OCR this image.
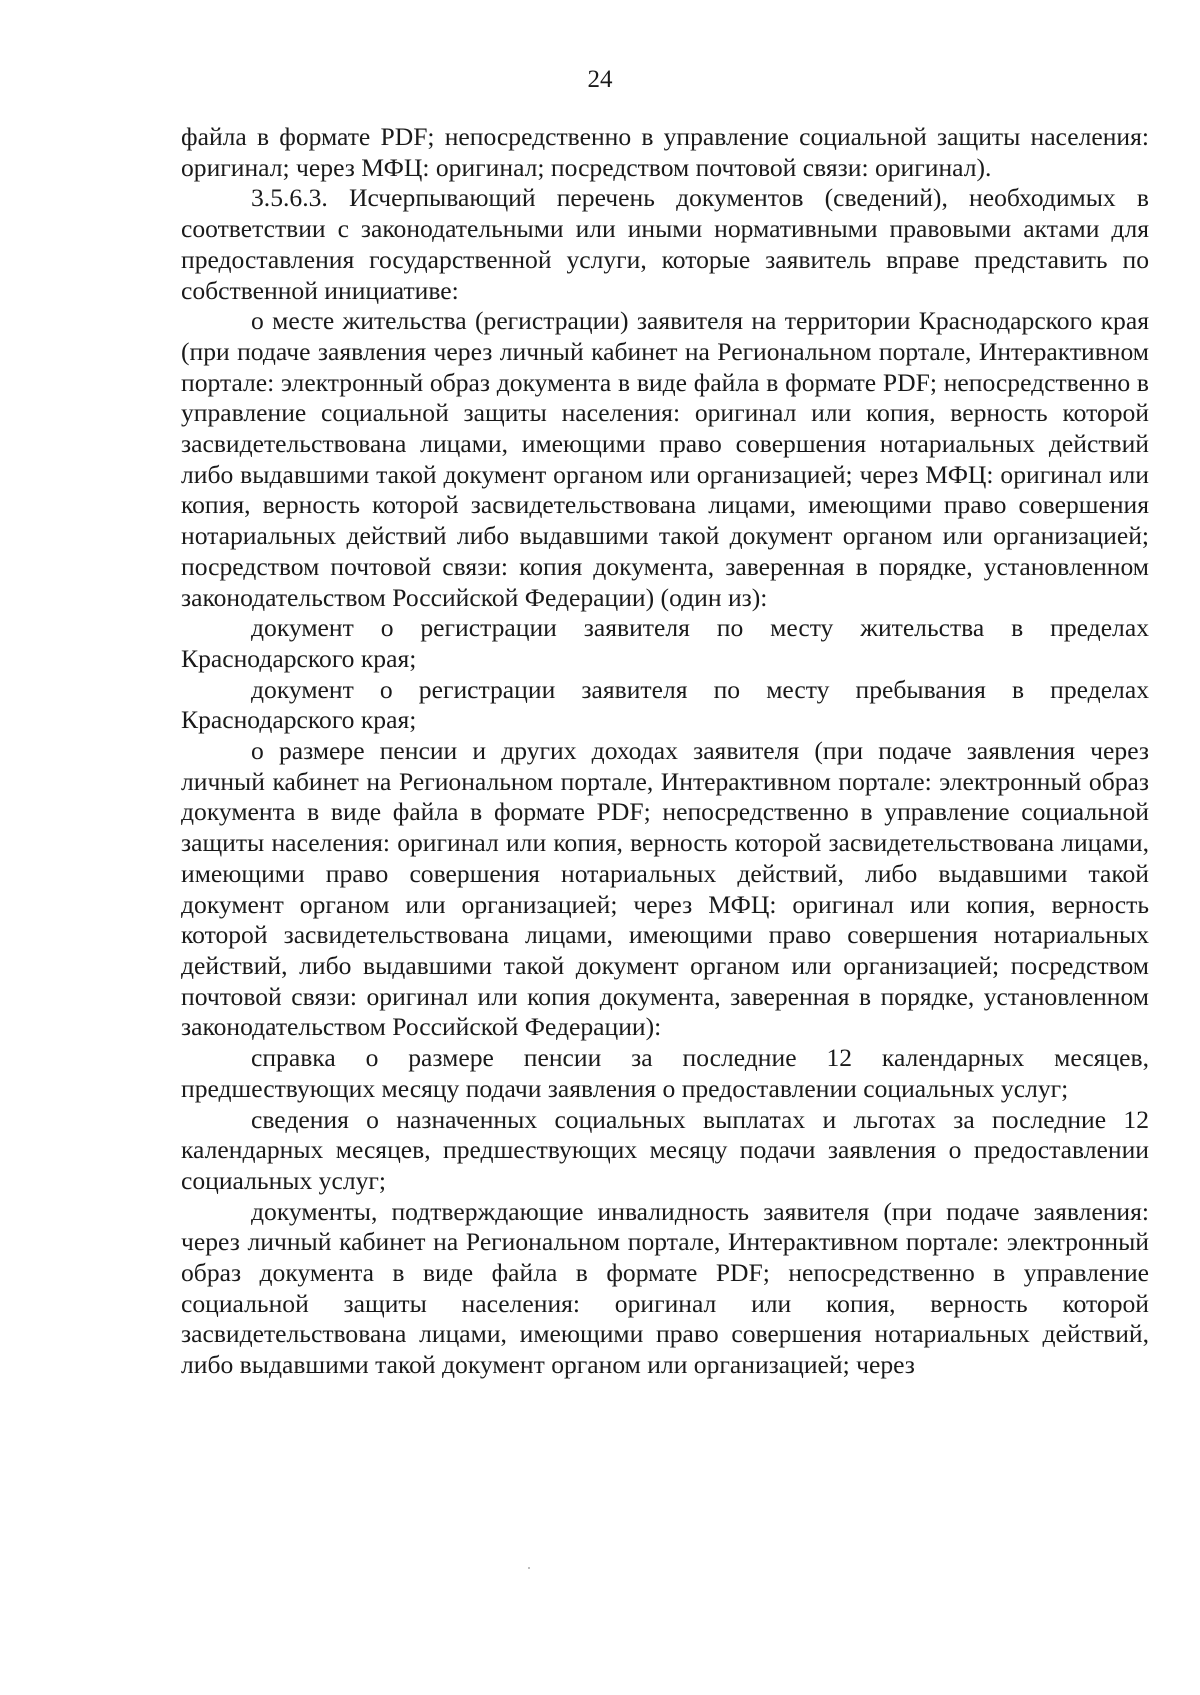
24

файла в формате PDF; непосредственно в управление социальной защиты населения: оригинал; через МФЦ: оригинал; посредством почтовой связи: оригинал).

3.5.6.3. Исчерпывающий перечень документов (сведений), необходимых в соответствии с законодательными или иными нормативными правовыми актами для предоставления государственной услуги, которые заявитель вправе представить по собственной инициативе:

о месте жительства (регистрации) заявителя на территории Краснодарского края (при подаче заявления через личный кабинет на Региональном портале, Интерактивном портале: электронный образ документа в виде файла в формате PDF; непосредственно в управление социальной защиты населения: оригинал или копия, верность которой засвидетельствована лицами, имеющими право совершения нотариальных действий либо выдавшими такой документ органом или организацией; через МФЦ: оригинал или копия, верность которой засвидетельствована лицами, имеющими право совершения нотариальных действий либо выдавшими такой документ органом или организацией; посредством почтовой связи: копия документа, заверенная в порядке, установленном законодательством Российской Федерации) (один из):

документ о регистрации заявителя по месту жительства в пределах Краснодарского края;

документ о регистрации заявителя по месту пребывания в пределах Краснодарского края;

о размере пенсии и других доходах заявителя (при подаче заявления через личный кабинет на Региональном портале, Интерактивном портале: электронный образ документа в виде файла в формате PDF; непосредственно в управление социальной защиты населения: оригинал или копия, верность которой засвидетельствована лицами, имеющими право совершения нотариальных действий, либо выдавшими такой документ органом или организацией; через МФЦ: оригинал или копия, верность которой засвидетельствована лицами, имеющими право совершения нотариальных действий, либо выдавшими такой документ органом или организацией; посредством почтовой связи: оригинал или копия документа, заверенная в порядке, установленном законодательством Российской Федерации):

справка о размере пенсии за последние 12 календарных месяцев, предшествующих месяцу подачи заявления о предоставлении социальных услуг;

сведения о назначенных социальных выплатах и льготах за последние 12 календарных месяцев, предшествующих месяцу подачи заявления о предоставлении социальных услуг;

документы, подтверждающие инвалидность заявителя (при подаче заявления: через личный кабинет на Региональном портале, Интерактивном портале: электронный образ документа в виде файла в формате PDF; непосредственно в управление социальной защиты населения: оригинал или копия, верность которой засвидетельствована лицами, имеющими право совершения нотариальных действий, либо выдавшими такой документ органом или организацией; через
